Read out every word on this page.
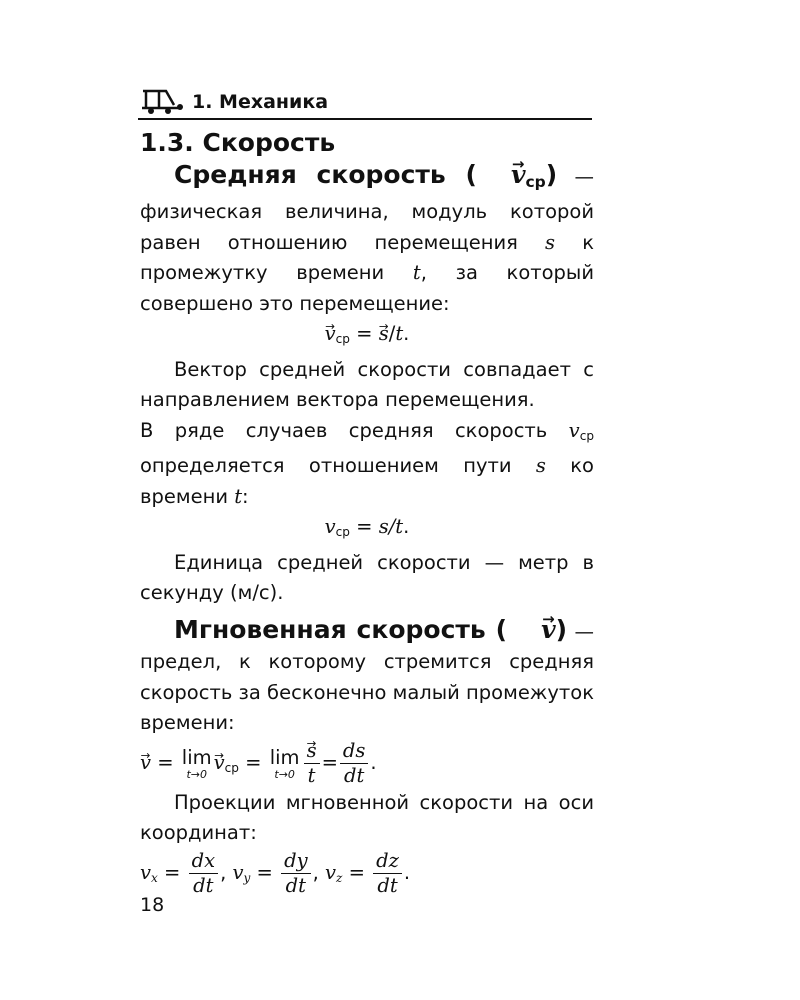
1. Механика
1.3. Скорость

Средняя скорость (→ $v_{ср}$) — физическая величина, модуль которой равен отношению перемещения s к промежутку времени t, за который совершено это перемещение:

→ $v_{ср}$ = → s/t.

Вектор средней скорости совпадает с направлением вектора перемещения.

В ряде случаев средняя скорость $v_{ср}$ определяется отношением пути s ко времени t:

$v_{ср} = s/t$.

Единица средней скорости — метр в секунду (м/с).

Мгновенная скорость (→ v) — предел, к которому стремится средняя скорость за бесконечно малый промежуток времени:

→ v = lim
t→0
→ $v_{ср} = \lim$
t→0
→ $\frac{s}{t} = \frac{ds}{dt}$ .

Проекции мгновенной скорости на оси координат:

$v_x = \frac{dx}{dt}$ , $v_y = \frac{dy}{dt}$ , $v_z = \frac{dz}{dt}$ .

18
